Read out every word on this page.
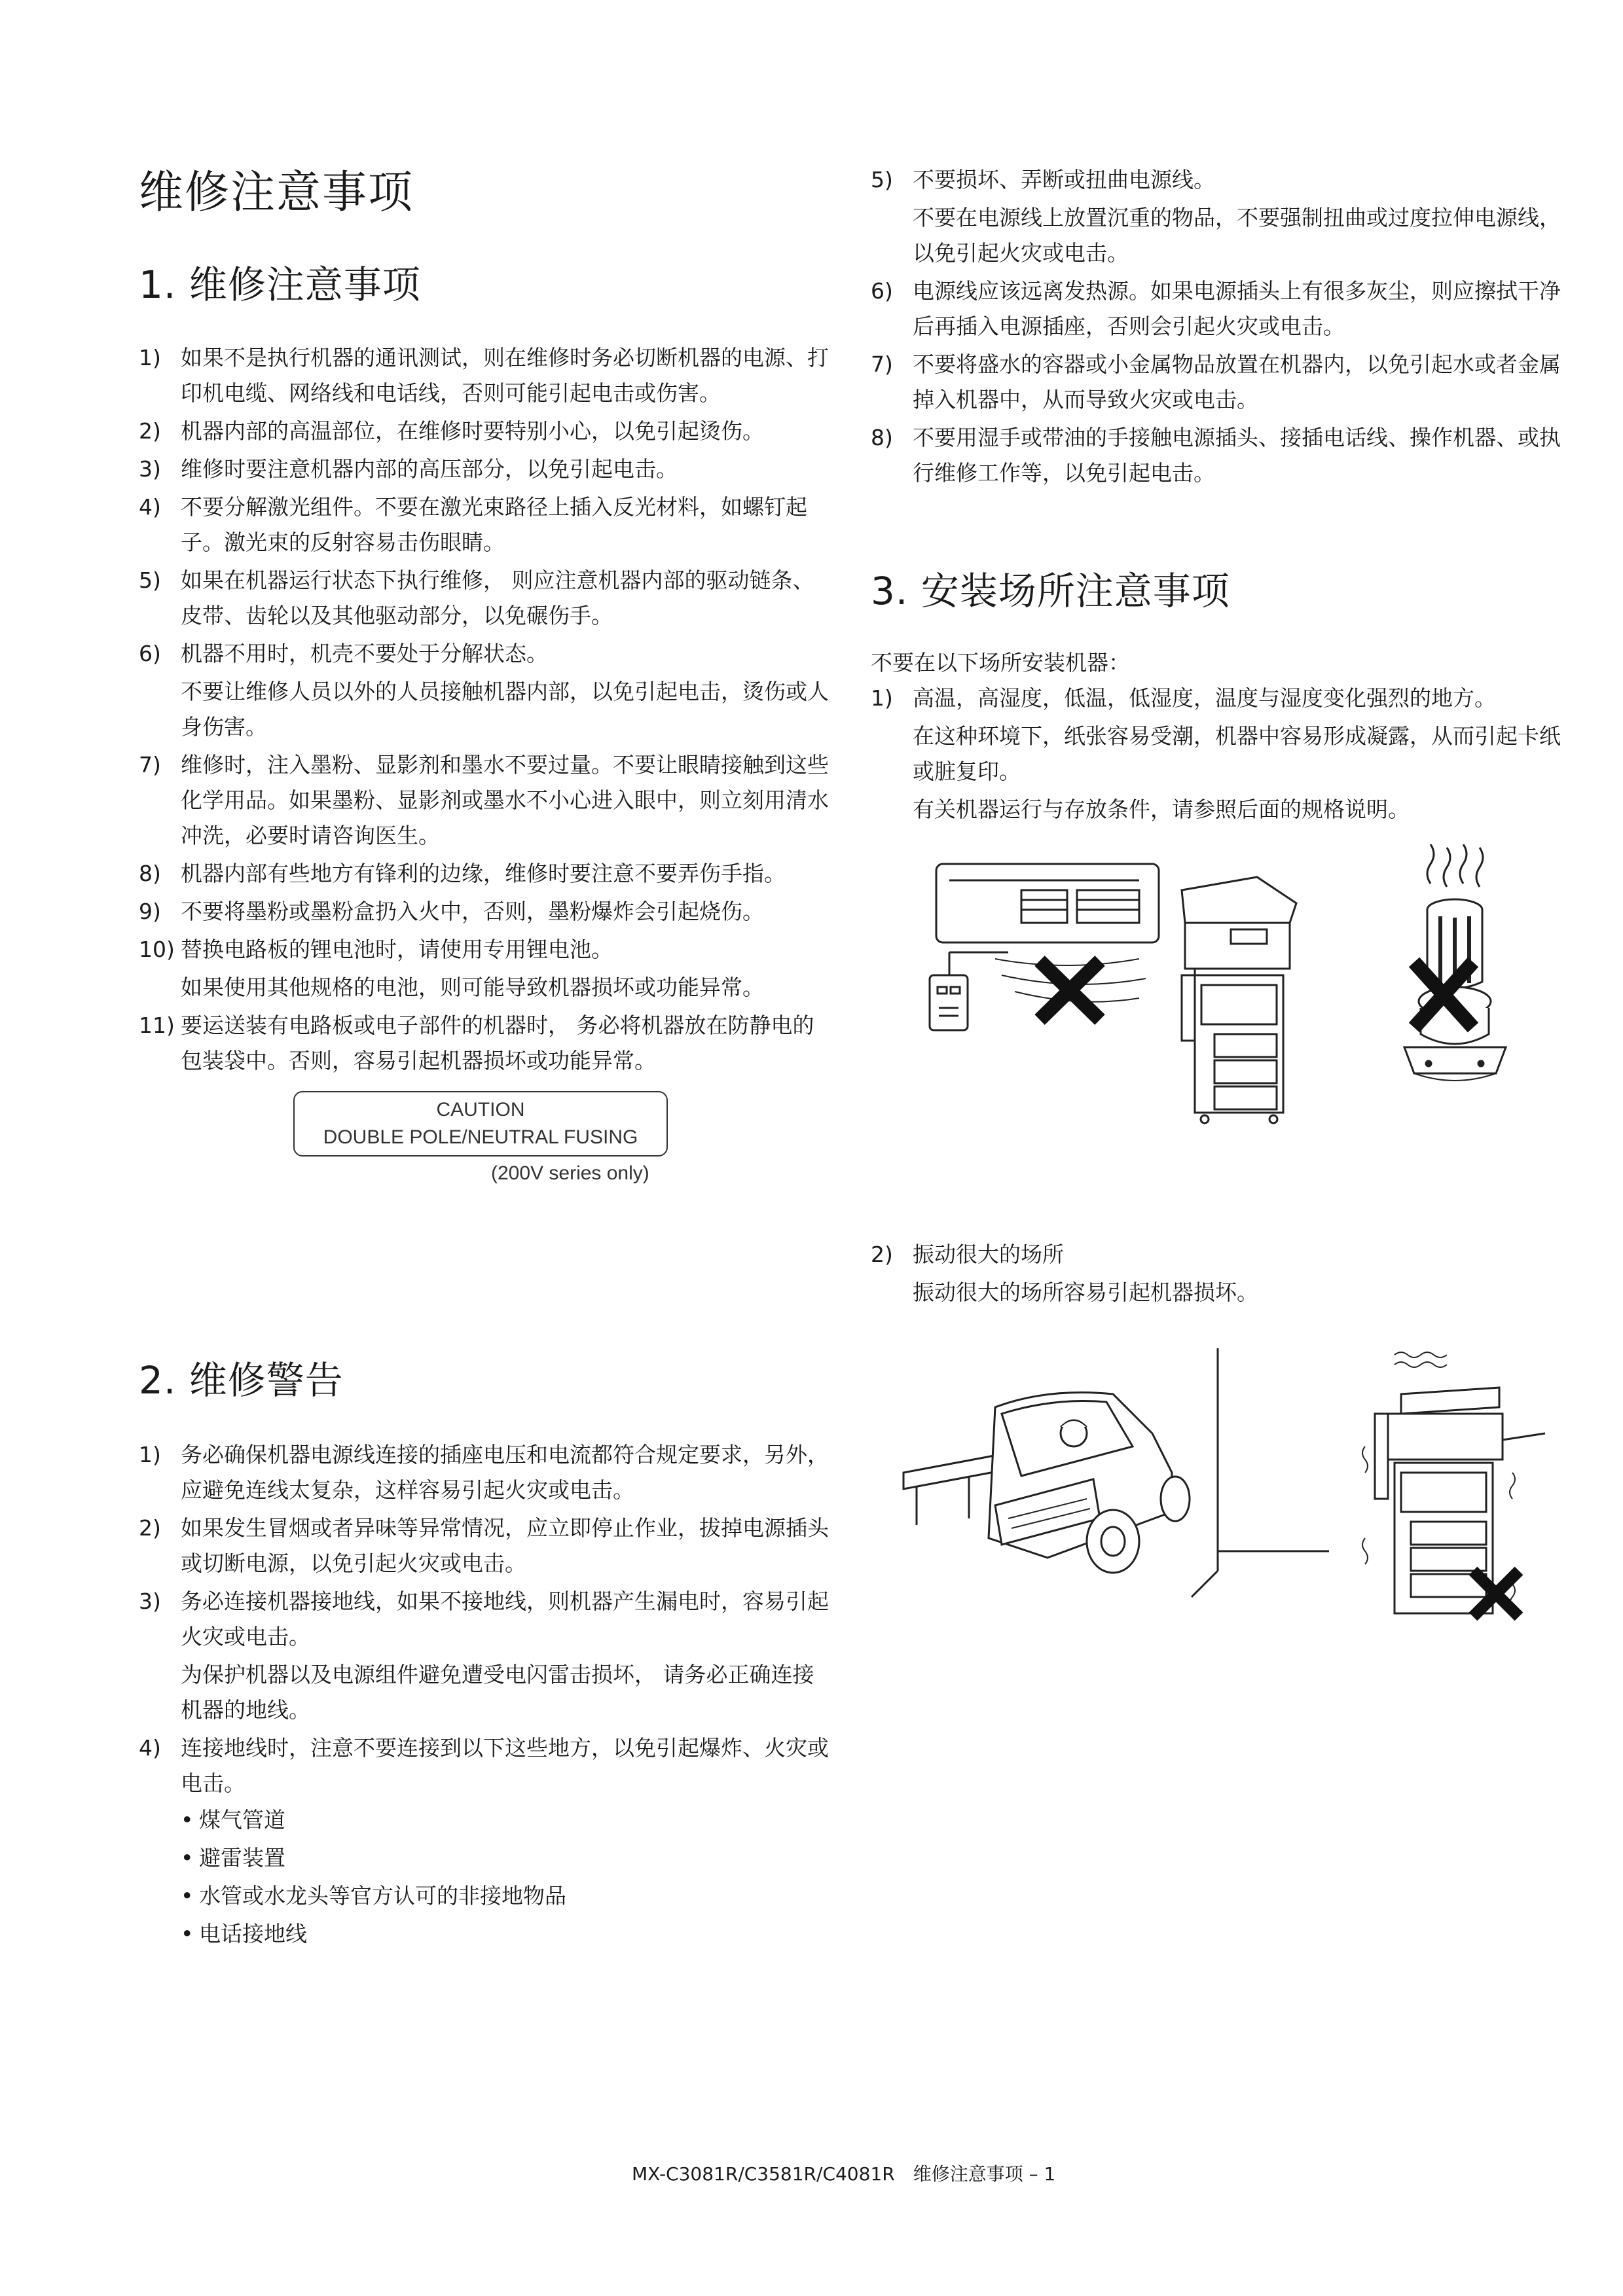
维修注意事项
1. 维修注意事项
1) 如果不是执行机器的通讯测试，则在维修时务必切断机器的电源、打印机电缆、网络线和电话线，否则可能引起电击或伤害。
2) 机器内部的高温部位，在维修时要特别小心，以免引起烫伤。
3) 维修时要注意机器内部的高压部分，以免引起电击。
4) 不要分解激光组件。不要在激光束路径上插入反光材料，如螺钉起子。激光束的反射容易击伤眼睛。
5) 如果在机器运行状态下执行维修， 则应注意机器内部的驱动链条、皮带、齿轮以及其他驱动部分，以免碾伤手。
6) 机器不用时，机壳不要处于分解状态。
不要让维修人员以外的人员接触机器内部，以免引起电击，烫伤或人身伤害。
7) 维修时，注入墨粉、显影剂和墨水不要过量。不要让眼睛接触到这些化学用品。如果墨粉、显影剂或墨水不小心进入眼中，则立刻用清水冲洗，必要时请咨询医生。
8) 机器内部有些地方有锋利的边缘，维修时要注意不要弄伤手指。
9) 不要将墨粉或墨粉盒扔入火中，否则，墨粉爆炸会引起烧伤。
10) 替换电路板的锂电池时，请使用专用锂电池。
如果使用其他规格的电池，则可能导致机器损坏或功能异常。
11) 要运送装有电路板或电子部件的机器时， 务必将机器放在防静电的包装袋中。否则，容易引起机器损坏或功能异常。
CAUTION
DOUBLE POLE/NEUTRAL FUSING
(200V series only)
2. 维修警告
1) 务必确保机器电源线连接的插座电压和电流都符合规定要求，另外，应避免连线太复杂，这样容易引起火灾或电击。
2) 如果发生冒烟或者异味等异常情况，应立即停止作业，拔掉电源插头或切断电源，以免引起火灾或电击。
3) 务必连接机器接地线，如果不接地线，则机器产生漏电时，容易引起火灾或电击。
为保护机器以及电源组件避免遭受电闪雷击损坏， 请务必正确连接机器的地线。
4) 连接地线时，注意不要连接到以下这些地方，以免引起爆炸、火灾或电击。
• 煤气管道
• 避雷装置
• 水管或水龙头等官方认可的非接地物品
• 电话接地线
5) 不要损坏、弄断或扭曲电源线。
不要在电源线上放置沉重的物品，不要强制扭曲或过度拉伸电源线，以免引起火灾或电击。
6) 电源线应该远离发热源。如果电源插头上有很多灰尘，则应擦拭干净后再插入电源插座，否则会引起火灾或电击。
7) 不要将盛水的容器或小金属物品放置在机器内，以免引起水或者金属掉入机器中，从而导致火灾或电击。
8) 不要用湿手或带油的手接触电源插头、接插电话线、操作机器、或执行维修工作等，以免引起电击。
3. 安装场所注意事项

不要在以下场所安装机器：

1) 高温，高湿度，低温，低湿度，温度与湿度变化强烈的地方。
在这种环境下，纸张容易受潮，机器中容易形成凝露，从而引起卡纸或脏复印。
有关机器运行与存放条件，请参照后面的规格说明。
2) 振动很大的场所
振动很大的场所容易引起机器损坏。
MX-C3081R/C3581R/C4081R　维修注意事项 – 1
